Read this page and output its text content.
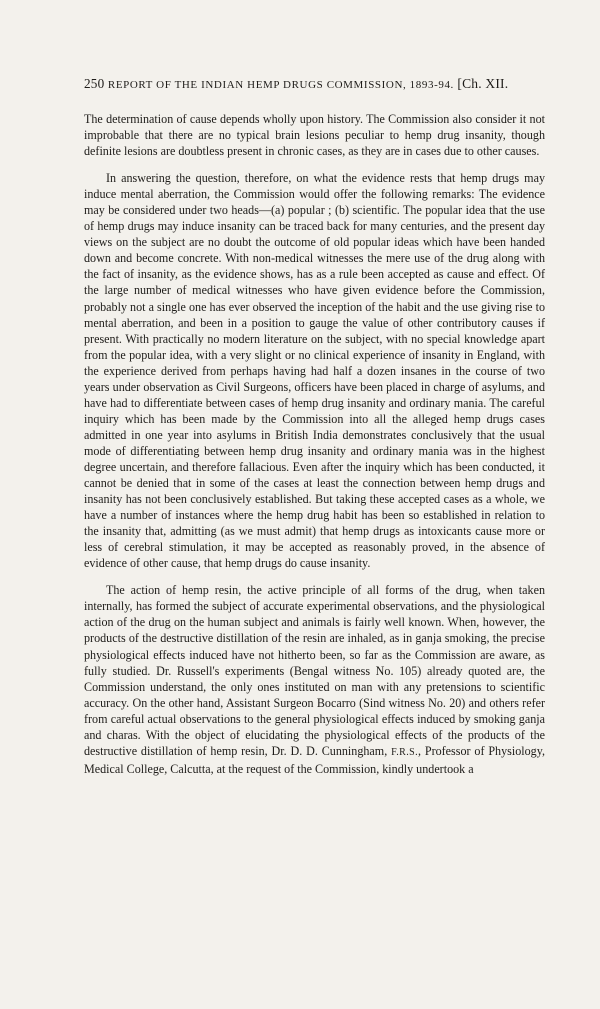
250 REPORT OF THE INDIAN HEMP DRUGS COMMISSION, 1893-94. [Ch. XII.

The determination of cause depends wholly upon history. The Commission also consider it not improbable that there are no typical brain lesions peculiar to hemp drug insanity, though definite lesions are doubtless present in chronic cases, as they are in cases due to other causes.

In answering the question, therefore, on what the evidence rests that hemp drugs may induce mental aberration, the Commission would offer the following remarks: The evidence may be considered under two heads—(a) popular ; (b) scientific. The popular idea that the use of hemp drugs may induce insanity can be traced back for many centuries, and the present day views on the subject are no doubt the outcome of old popular ideas which have been handed down and become concrete. With non-medical witnesses the mere use of the drug along with the fact of insanity, as the evidence shows, has as a rule been accepted as cause and effect. Of the large number of medical witnesses who have given evidence before the Commission, probably not a single one has ever observed the inception of the habit and the use giving rise to mental aberration, and been in a position to gauge the value of other contributory causes if present. With practically no modern literature on the subject, with no special knowledge apart from the popular idea, with a very slight or no clinical experience of insanity in England, with the experience derived from perhaps having had half a dozen insanes in the course of two years under observation as Civil Surgeons, officers have been placed in charge of asylums, and have had to differentiate between cases of hemp drug insanity and ordinary mania. The careful inquiry which has been made by the Commission into all the alleged hemp drugs cases admitted in one year into asylums in British India demonstrates conclusively that the usual mode of differentiating between hemp drug insanity and ordinary mania was in the highest degree uncertain, and therefore fallacious. Even after the inquiry which has been conducted, it cannot be denied that in some of the cases at least the connection between hemp drugs and insanity has not been conclusively established. But taking these accepted cases as a whole, we have a number of instances where the hemp drug habit has been so established in relation to the insanity that, admitting (as we must admit) that hemp drugs as intoxicants cause more or less of cerebral stimulation, it may be accepted as reasonably proved, in the absence of evidence of other cause, that hemp drugs do cause insanity.

The action of hemp resin, the active principle of all forms of the drug, when taken internally, has formed the subject of accurate experimental observations, and the physiological action of the drug on the human subject and animals is fairly well known. When, however, the products of the destructive distillation of the resin are inhaled, as in ganja smoking, the precise physiological effects induced have not hitherto been, so far as the Commission are aware, as fully studied. Dr. Russell's experiments (Bengal witness No. 105) already quoted are, the Commission understand, the only ones instituted on man with any pretensions to scientific accuracy. On the other hand, Assistant Surgeon Bocarro (Sind witness No. 20) and others refer from careful actual observations to the general physiological effects induced by smoking ganja and charas. With the object of elucidating the physiological effects of the products of the destructive distillation of hemp resin, Dr. D. D. Cunningham, F.R.S., Professor of Physiology, Medical College, Calcutta, at the request of the Commission, kindly undertook a
